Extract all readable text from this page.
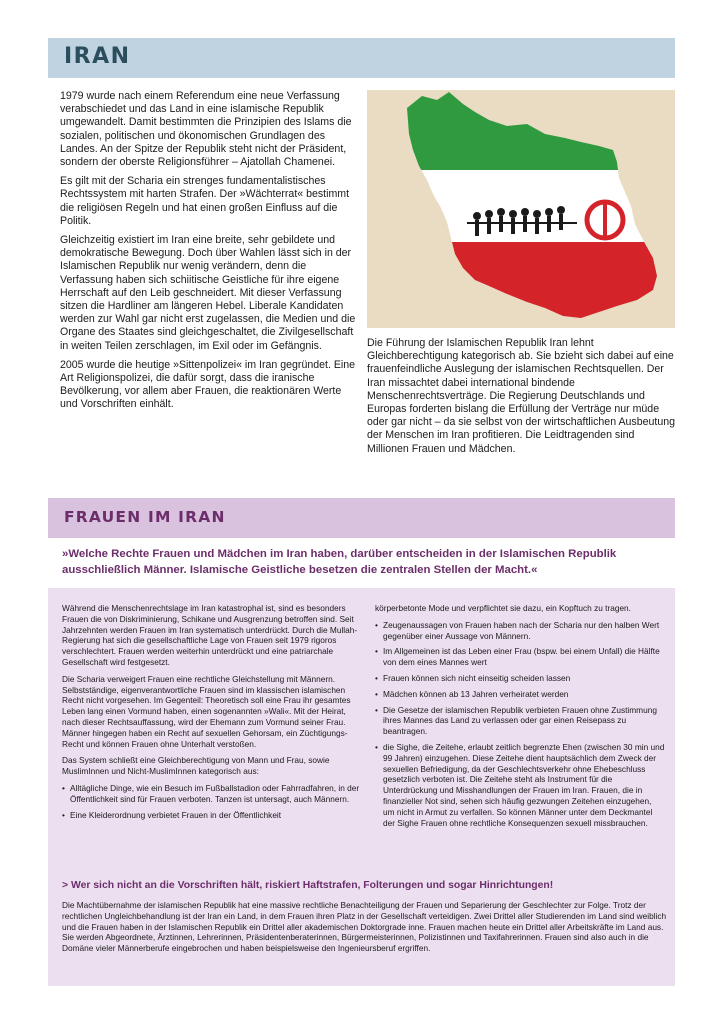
IRAN

1979 wurde nach einem Referendum eine neue Verfassung verabschiedet und das Land in eine islamische Republik umgewandelt. Damit bestimmten die Prinzipien des Islams die sozialen, politischen und ökonomischen Grundlagen des Landes. An der Spitze der Republik steht nicht der Präsident, sondern der oberste Religionsführer – Ajatollah Chamenei.

Es gilt mit der Scharia ein strenges fundamentalistisches Rechtssystem mit harten Strafen. Der »Wächterrat« bestimmt die religiösen Regeln und hat einen großen Einfluss auf die Politik.

Gleichzeitig existiert im Iran eine breite, sehr gebildete und demokratische Bewegung. Doch über Wahlen lässt sich in der Islamischen Republik nur wenig verändern, denn die Verfassung haben sich schiitische Geistliche für ihre eigene Herrschaft auf den Leib geschneidert. Mit dieser Verfassung sitzen die Hardliner am längeren Hebel. Liberale Kandidaten werden zur Wahl gar nicht erst zugelassen, die Medien und die Organe des Staates sind gleichgeschaltet, die Zivilgesellschaft in weiten Teilen zerschlagen, im Exil oder im Gefängnis.

2005 wurde die heutige »Sittenpolizei« im Iran gegründet. Eine Art Religionspolizei, die dafür sorgt, dass die iranische Bevölkerung, vor allem aber Frauen, die reaktionären Werte und Vorschriften einhält.

Die Führung der Islamischen Republik Iran lehnt Gleichberechtigung kategorisch ab. Sie bzieht sich dabei auf eine frauenfeindliche Auslegung der islamischen Rechtsquellen. Der Iran missachtet dabei international bindende Menschenrechtsverträge. Die Regierung Deutschlands und Europas forderten bislang die Erfüllung der Verträge nur müde oder gar nicht – da sie selbst von der wirtschaftlichen Ausbeutung der Menschen im Iran profitieren. Die Leidtragenden sind Millionen Frauen und Mädchen.
FRAUEN IM IRAN
»Welche Rechte Frauen und Mädchen im Iran haben, darüber entscheiden in der Islamischen Republik ausschließlich Männer. Islamische Geistliche besetzen die zentralen Stellen der Macht.«

Während die Menschenrechtslage im Iran katastrophal ist, sind es besonders Frauen die von Diskriminierung, Schikane und Ausgrenzung betroffen sind. Seit Jahrzehnten werden Frauen im Iran systematisch unterdrückt. Durch die Mullah- Regierung hat sich die gesellschaftliche Lage von Frauen seit 1979 rigoros verschlechtert. Frauen werden weiterhin unterdrückt und eine patriarchale Gesellschaft wird festgesetzt.

Die Scharia verweigert Frauen eine rechtliche Gleichstellung mit Männern. Selbstständige, eigenverantwortliche Frauen sind im klassischen islamischen Recht nicht vorgesehen. Im Gegenteil: Theoretisch soll eine Frau ihr gesamtes Leben lang einen Vormund haben, einen sogenannten »Wali«. Mit der Heirat, nach dieser Rechtsauffassung, wird der Ehemann zum Vormund seiner Frau. Männer hingegen haben ein Recht auf sexuellen Gehorsam, ein Züchtigungs- Recht und können Frauen ohne Unterhalt verstoßen.

Das System schließt eine Gleichberechtigung von Mann und Frau, sowie MuslimInnen und Nicht-MuslimInnen kategorisch aus:

• Alltägliche Dinge, wie ein Besuch im Fußballstadion oder Fahrradfahren, in der Öffentlichkeit sind für Frauen verboten. Tanzen ist untersagt, auch Männern.
• Eine Kleiderordnung verbietet Frauen in der Öffentlichkeit

körperbetonte Mode und verpflichtet sie dazu, ein Kopftuch zu tragen.

• Zeugenaussagen von Frauen haben nach der Scharia nur den halben Wert gegenüber einer Aussage von Männern.
• Im Allgemeinen ist das Leben einer Frau (bspw. bei einem Unfall) die Hälfte von dem eines Mannes wert
• Frauen können sich nicht einseitig scheiden lassen
• Mädchen können ab 13 Jahren verheiratet werden
• Die Gesetze der islamischen Republik verbieten Frauen ohne Zustimmung ihres Mannes das Land zu verlassen oder gar einen Reisepass zu beantragen.
• die Sighe, die Zeitehe, erlaubt zeitlich begrenzte Ehen (zwischen 30 min und 99 Jahren) einzugehen. Diese Zeitehe dient hauptsächlich dem Zweck der sexuellen Befriedigung, da der Geschlechtsverkehr ohne Ehebeschluss gesetzlich verboten ist. Die Zeitehe steht als Instrument für die Unterdrückung und Misshandlungen der Frauen im Iran. Frauen, die in finanzieller Not sind, sehen sich häufig gezwungen Zeitehen einzugehen, um nicht in Armut zu verfallen. So können Männer unter dem Deckmantel der Sighe Frauen ohne rechtliche Konsequenzen sexuell missbrauchen.
> Wer sich nicht an die Vorschriften hält, riskiert Haftstrafen, Folterungen und sogar Hinrichtungen!
Die Machtübernahme der islamischen Republik hat eine massive rechtliche Benachteiligung der Frauen und Separierung der Geschlechter zur Folge. Trotz der rechtlichen Ungleichbehandlung ist der Iran ein Land, in dem Frauen ihren Platz in der Gesellschaft verteidigen. Zwei Drittel aller Studierenden im Land sind weiblich und die Frauen haben in der Islamischen Republik ein Drittel aller akademischen Doktorgrade inne. Frauen machen heute ein Drittel aller Arbeitskräfte im Land aus. Sie werden Abgeordnete, Ärztinnen, Lehrerinnen, Präsidentenberaterinnen, Bürgermeisterinnen, Polizistinnen und Taxifahrerinnen. Frauen sind also auch in die Domäne vieler Männerberufe eingebrochen und haben beispielsweise den Ingenieursberuf ergriffen.
